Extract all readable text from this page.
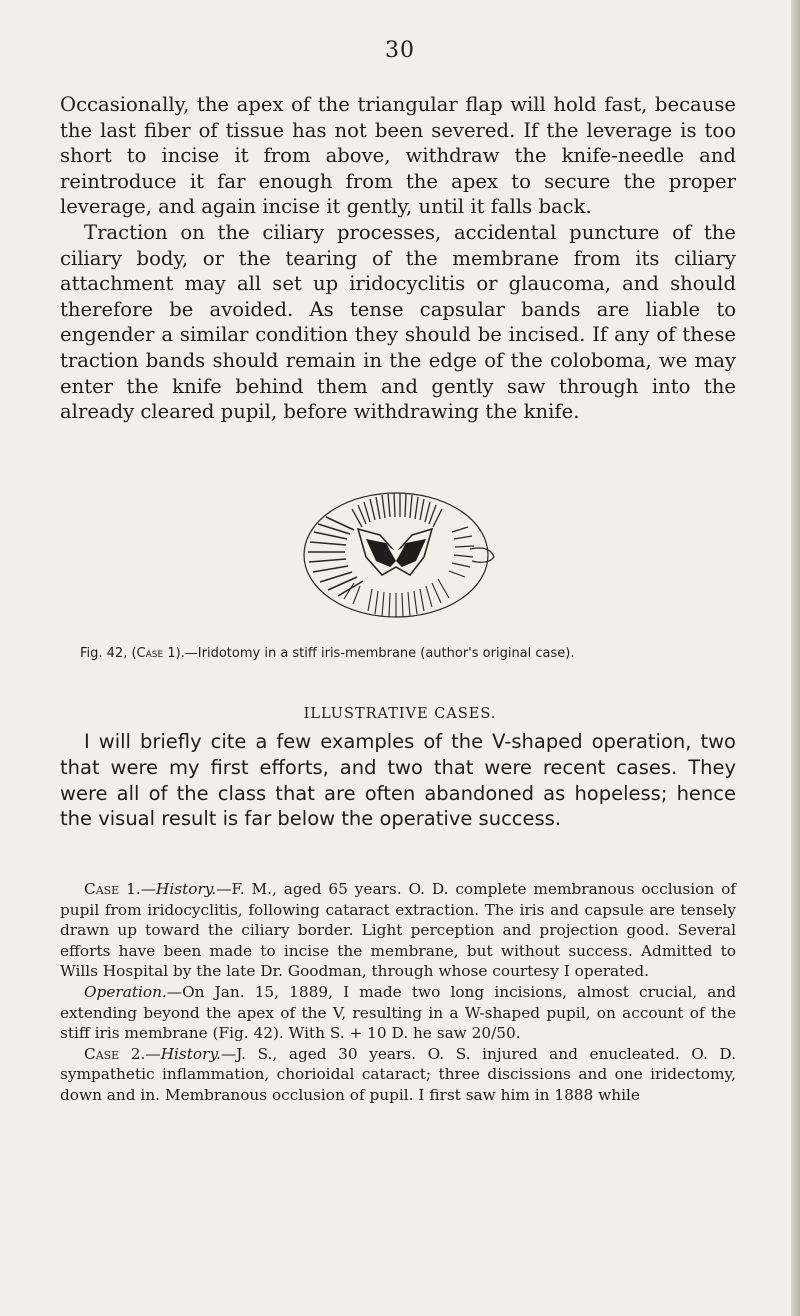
30

Occasionally, the apex of the triangular flap will hold fast, because the last fiber of tissue has not been severed. If the leverage is too short to incise it from above, withdraw the knife-needle and reintroduce it far enough from the apex to secure the proper leverage, and again incise it gently, until it falls back.

Traction on the ciliary processes, accidental puncture of the ciliary body, or the tearing of the membrane from its ciliary attachment may all set up iridocyclitis or glaucoma, and should therefore be avoided. As tense capsular bands are liable to engender a similar condition they should be incised. If any of these traction bands should remain in the edge of the coloboma, we may enter the knife behind them and gently saw through into the already cleared pupil, before withdrawing the knife.

Fig. 42, (Case 1).—Iridotomy in a stiff iris-membrane (author's original case).
ILLUSTRATIVE CASES.
I will briefly cite a few examples of the V-shaped operation, two that were my first efforts, and two that were recent cases. They were all of the class that are often abandoned as hopeless; hence the visual result is far below the operative success.

Case 1.—History.—F. M., aged 65 years. O. D. complete membranous occlusion of pupil from iridocyclitis, following cataract extraction. The iris and capsule are tensely drawn up toward the ciliary border. Light perception and projection good. Several efforts have been made to incise the membrane, but without success. Admitted to Wills Hospital by the late Dr. Goodman, through whose courtesy I operated.

Operation.—On Jan. 15, 1889, I made two long incisions, almost crucial, and extending beyond the apex of the V, resulting in a W-shaped pupil, on account of the stiff iris membrane (Fig. 42). With S. + 10 D. he saw 20/50.

Case 2.—History.—J. S., aged 30 years. O. S. injured and enucleated. O. D. sympathetic inflammation, chorioidal cataract; three discissions and one iridectomy, down and in. Membranous occlusion of pupil. I first saw him in 1888 while
